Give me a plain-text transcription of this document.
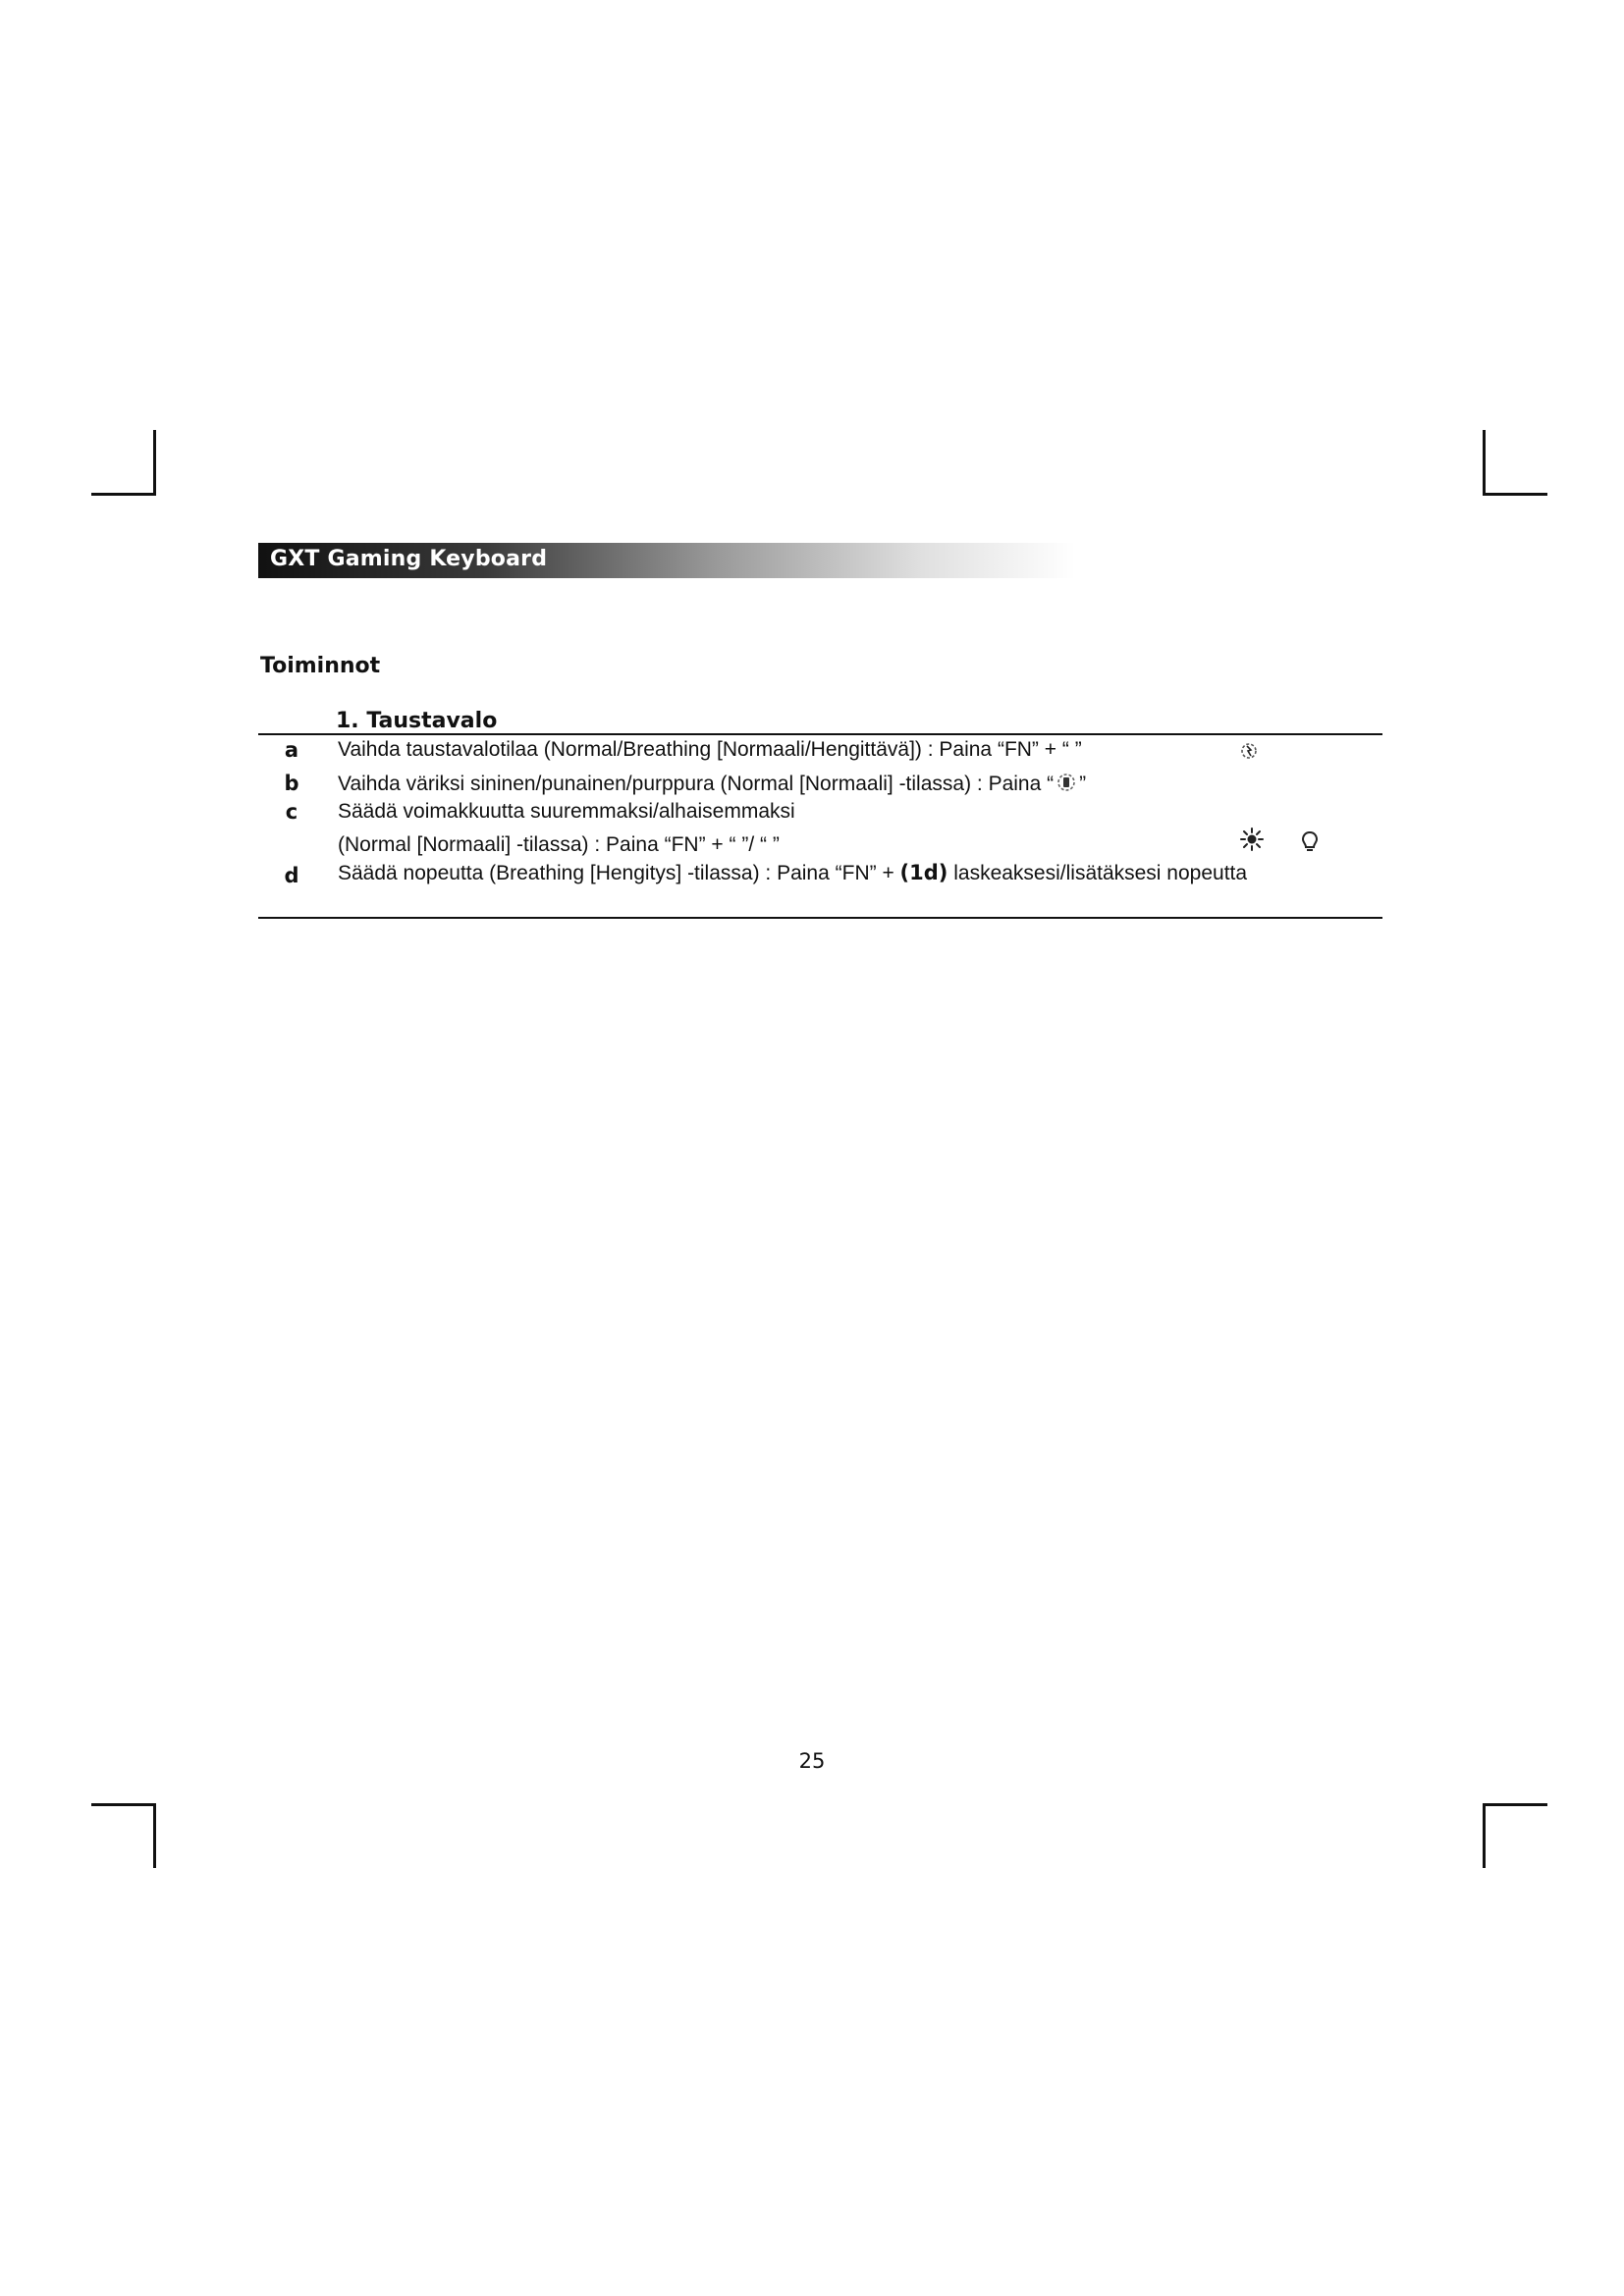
GXT Gaming Keyboard
Toiminnot
1. Taustavalo
a Vaihda taustavalotilaa (Normal/Breathing [Normaali/Hengittävä]) : Paina “FN” + “ ”
b Vaihda väriksi sininen/punainen/purppura (Normal [Normaali] -tilassa) : Paina “ ”
c Säädä voimakkuutta suuremmaksi/alhaisemmaksi
(Normal [Normaali] -tilassa) : Paina “FN” + “ ”/ “ ”
d Säädä nopeutta (Breathing [Hengitys] -tilassa) : Paina “FN” + (1d) laskeaksesi/lisätäksesi nopeutta
25
